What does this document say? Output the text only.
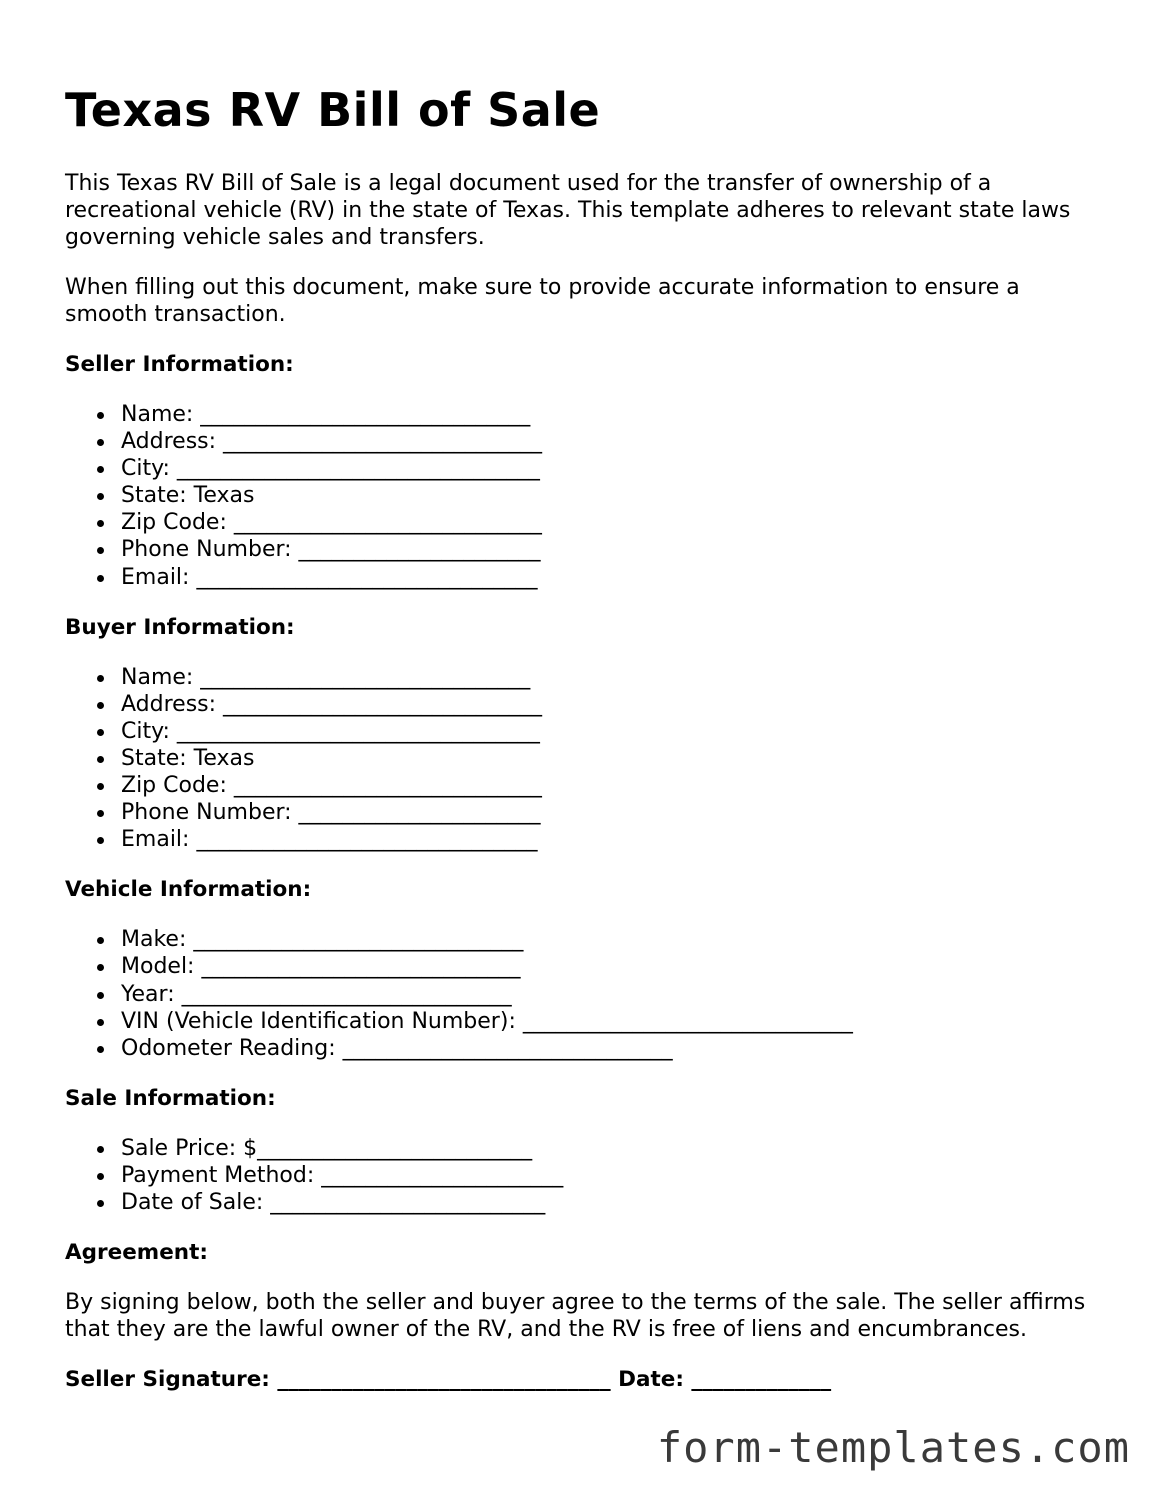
Texas RV Bill of Sale

This Texas RV Bill of Sale is a legal document used for the transfer of ownership of a recreational vehicle (RV) in the state of Texas. This template adheres to relevant state laws governing vehicle sales and transfers.

When filling out this document, make sure to provide accurate information to ensure a smooth transaction.

Seller Information:
Name: ______________________________
Address: _____________________________
City: _________________________________
State: Texas
Zip Code: ____________________________
Phone Number: ______________________
Email: _______________________________
Buyer Information:
Name: ______________________________
Address: _____________________________
City: _________________________________
State: Texas
Zip Code: ____________________________
Phone Number: ______________________
Email: _______________________________
Vehicle Information:
Make: ______________________________
Model: _____________________________
Year: ______________________________
VIN (Vehicle Identification Number): ______________________________
Odometer Reading: ______________________________
Sale Information:
Sale Price: $_________________________
Payment Method: ______________________
Date of Sale: _________________________
Agreement:

By signing below, both the seller and buyer agree to the terms of the sale. The seller affirms that they are the lawful owner of the RV, and the RV is free of liens and encumbrances.

Seller Signature: _______________________________ Date: _____________
form-templates.com
